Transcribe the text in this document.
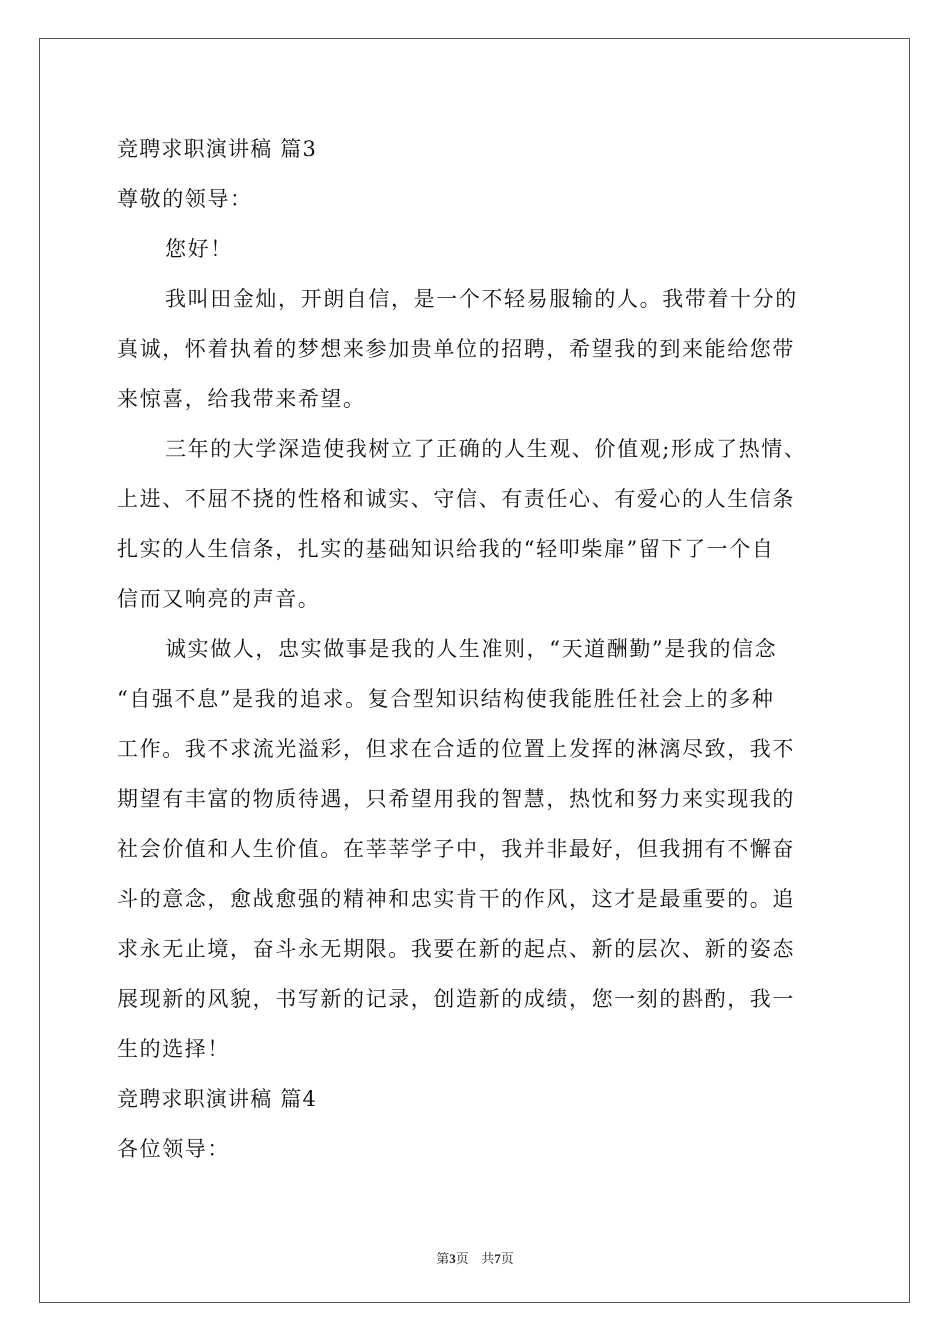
竞聘求职演讲稿 篇3
尊敬的领导：
您好！
我叫田金灿，开朗自信，是一个不轻易服输的人。我带着十分的
真诚，怀着执着的梦想来参加贵单位的招聘，希望我的到来能给您带
来惊喜，给我带来希望。
三年的大学深造使我树立了正确的人生观、价值观;形成了热情、
上进、不屈不挠的性格和诚实、守信、有责任心、有爱心的人生信条
扎实的人生信条，扎实的基础知识给我的“轻叩柴扉”留下了一个自
信而又响亮的声音。
诚实做人，忠实做事是我的人生准则，“天道酬勤”是我的信念
“自强不息”是我的追求。复合型知识结构使我能胜任社会上的多种
工作。我不求流光溢彩，但求在合适的位置上发挥的淋漓尽致，我不
期望有丰富的物质待遇，只希望用我的智慧，热忱和努力来实现我的
社会价值和人生价值。在莘莘学子中，我并非最好，但我拥有不懈奋
斗的意念，愈战愈强的精神和忠实肯干的作风，这才是最重要的。追
求永无止境，奋斗永无期限。我要在新的起点、新的层次、新的姿态
展现新的风貌，书写新的记录，创造新的成绩，您一刻的斟酌，我一
生的选择！
竞聘求职演讲稿 篇4
各位领导：
第3页 共7页
